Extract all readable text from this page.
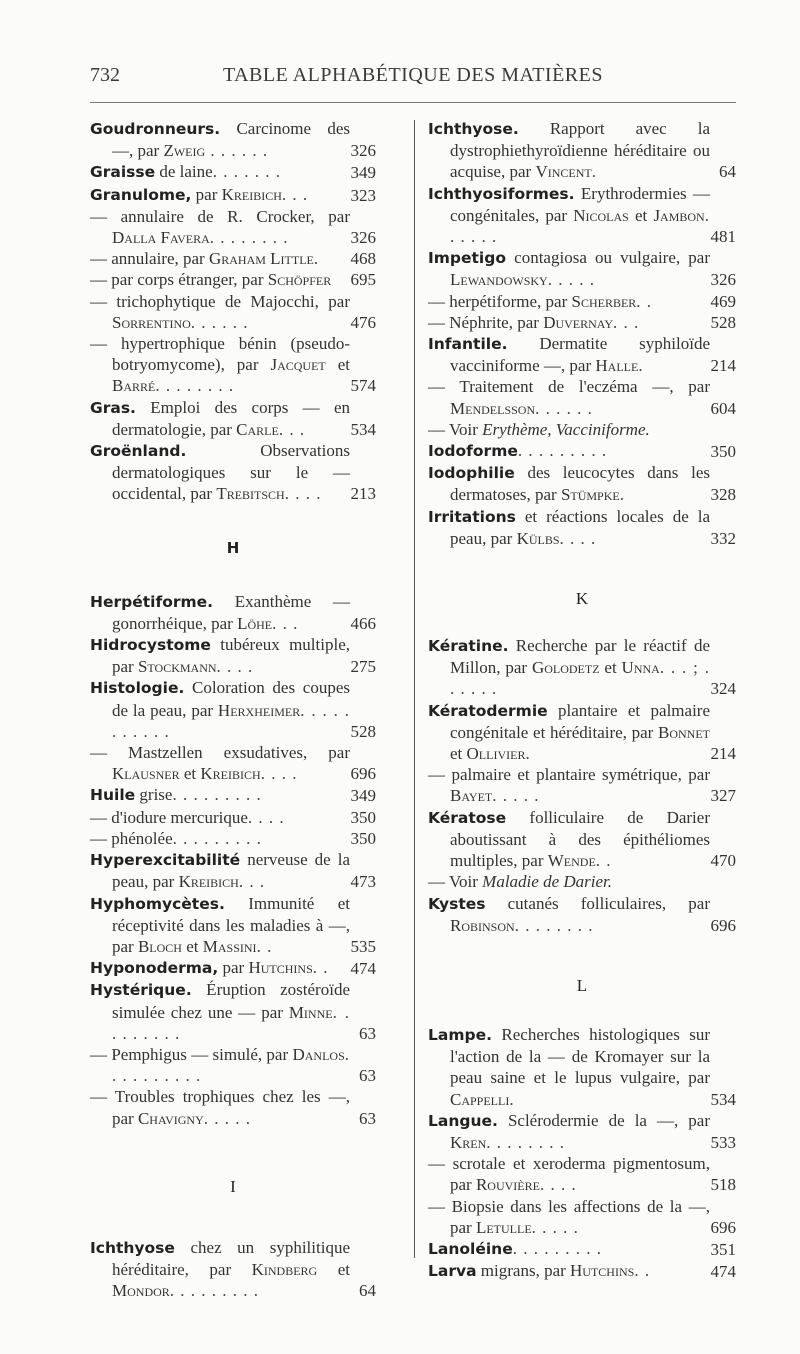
732	TABLE ALPHABÉTIQUE DES MATIÈRES
Goudronneurs. Carcinome des —, par Zweig . . . . . .	326
Graisse de laine. . . . . . .	349
Granulome, par Kreibich. . . 323
— annulaire de R. Crocker, par Dalla Favera. . . . . . . .	326
— annulaire, par Graham Little. 468
— par corps étranger, par Schöpfer 695
— trichophytique de Majocchi, par Sorrentino. . . . . .	476
— hypertrophique bénin (pseudo-botryomycome), par Jacquet et Barré. . . . . . . .	574
Gras. Emploi des corps — en dermatologie, par Carle. . .	534
Groënland. Observations dermatologiques sur le — occidental, par Trebitsch. . . . 213
H
Herpétiforme. Exanthème — gonorrhéique, par Löhe. . .	466
Hidrocystome tubéreux multiple, par Stockmann. . . .	275
Histologie. Coloration des coupes de la peau, par Herxheimer. . . . . . . . . . .	528
— Mastzellen exsudatives, par Klausner et Kreibich. . . .	696
Huile grise. . . . . . . . .	349
— d'iodure mercurique. . . .	350
— phénolée. . . . . . . . .	350
Hyperexcitabilité nerveuse de la peau, par Kreibich. . .	473
Hyphomycètes. Immunité et réceptivité dans les maladies à —, par Bloch et Massini. .	535
Hyponoderma, par Hutchins. . 474
Hystérique. Éruption zostéroïde simulée chez une — par Minne. . . . . . . . .	63
— Pemphigus — simulé, par Danlos. . . . . . . . . .	63
— Troubles trophiques chez les —, par Chavigny. . . . .	63
I
Ichthyose chez un syphilitique héréditaire, par Kindberg et Mondor. . . . . . . . .	64
Ichthyose. Rapport avec la dystrophiethyroïdienne héréditaire ou acquise, par Vincent.	64
Ichthyosiformes. Erythrodermies — congénitales, par Nicolas et Jambon. . . . . .	481
Impetigo contagiosa ou vulgaire, par Lewandowsky. . . . .	326
— herpétiforme, par Scherber. .	469
— Néphrite, par Duvernay. . .	528
Infantile. Dermatite syphiloïde vacciniforme —, par Halle.	214
— Traitement de l'eczéma —, par Mendelsson. . . . . .	604
— Voir Erythème, Vacciniforme.
Iodoforme. . . . . . . . .	350
Iodophilie des leucocytes dans les dermatoses, par Stümpke.	328
Irritations et réactions locales de la peau, par Külbs. . . .	332
K
Kératine. Recherche par le réactif de Millon, par Golodetz et Unna. . . ; . . . . . .	324
Kératodermie plantaire et palmaire congénitale et héréditaire, par Bonnet et Ollivier.	214
— palmaire et plantaire symétrique, par Bayet. . . . .	327
Kératose folliculaire de Darier aboutissant à des épithéliomes multiples, par Wende. .	470
— Voir Maladie de Darier.
Kystes cutanés folliculaires, par Robinson. . . . . . . .	696
L
Lampe. Recherches histologiques sur l'action de la — de Kromayer sur la peau saine et le lupus vulgaire, par Cappelli.	534
Langue. Sclérodermie de la —, par Kren. . . . . . . .	533
— scrotale et xeroderma pigmentosum, par Rouvière. . . .	518
— Biopsie dans les affections de la —, par Letulle. . . . .	696
Lanoléine. . . . . . . . .	351
Larva migrans, par Hutchins. .	474
